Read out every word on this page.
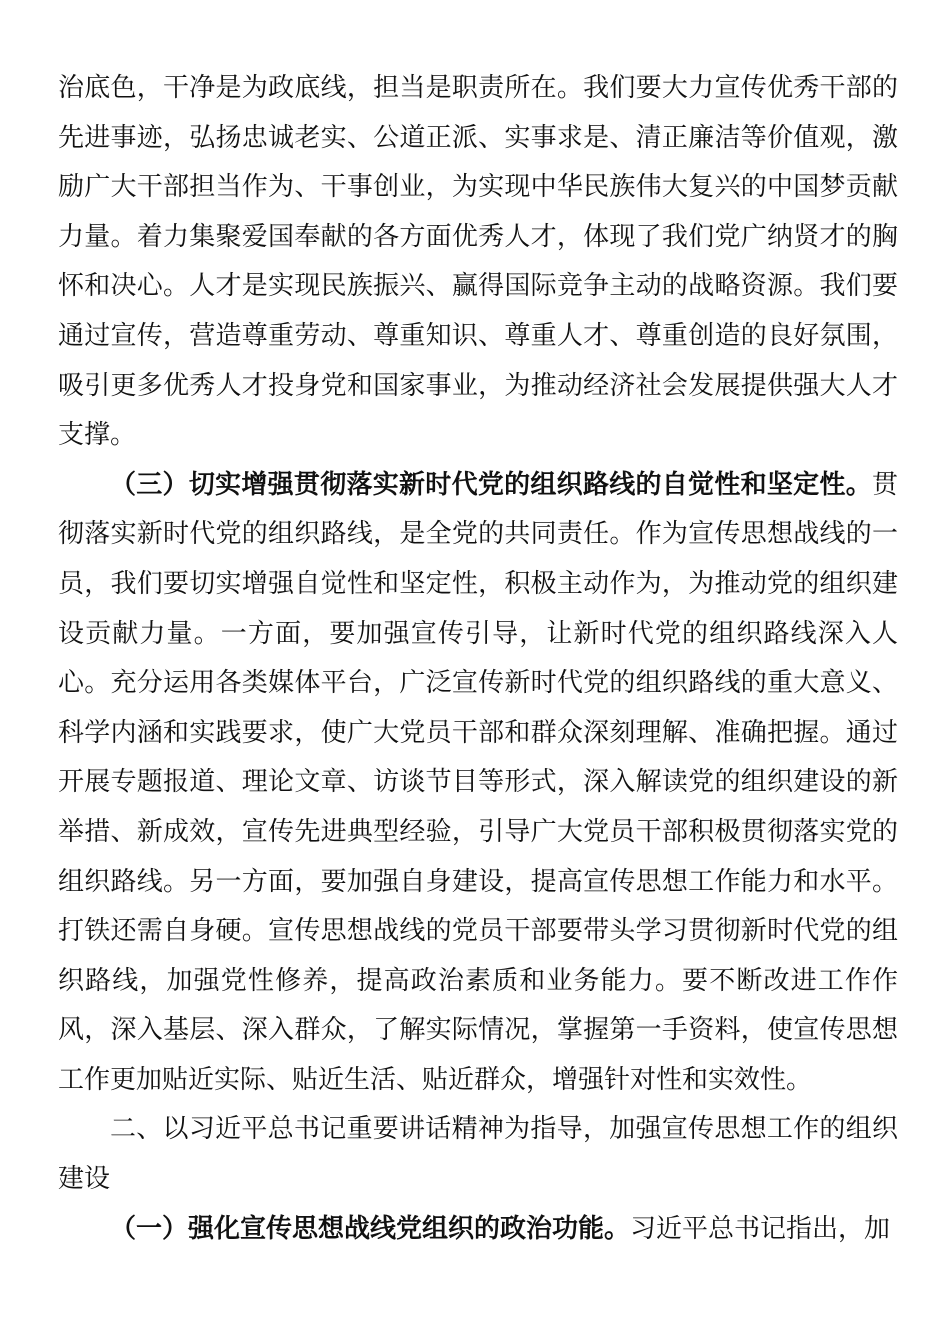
治底色，干净是为政底线，担当是职责所在。我们要大力宣传优秀干部的先进事迹，弘扬忠诚老实、公道正派、实事求是、清正廉洁等价值观，激励广大干部担当作为、干事创业，为实现中华民族伟大复兴的中国梦贡献力量。着力集聚爱国奉献的各方面优秀人才，体现了我们党广纳贤才的胸怀和决心。人才是实现民族振兴、赢得国际竞争主动的战略资源。我们要通过宣传，营造尊重劳动、尊重知识、尊重人才、尊重创造的良好氛围，吸引更多优秀人才投身党和国家事业，为推动经济社会发展提供强大人才支撑。

（三）切实增强贯彻落实新时代党的组织路线的自觉性和坚定性。贯彻落实新时代党的组织路线，是全党的共同责任。作为宣传思想战线的一员，我们要切实增强自觉性和坚定性，积极主动作为，为推动党的组织建设贡献力量。一方面，要加强宣传引导，让新时代党的组织路线深入人心。充分运用各类媒体平台，广泛宣传新时代党的组织路线的重大意义、科学内涵和实践要求，使广大党员干部和群众深刻理解、准确把握。通过开展专题报道、理论文章、访谈节目等形式，深入解读党的组织建设的新举措、新成效，宣传先进典型经验，引导广大党员干部积极贯彻落实党的组织路线。另一方面，要加强自身建设，提高宣传思想工作能力和水平。打铁还需自身硬。宣传思想战线的党员干部要带头学习贯彻新时代党的组织路线，加强党性修养，提高政治素质和业务能力。要不断改进工作作风，深入基层、深入群众，了解实际情况，掌握第一手资料，使宣传思想工作更加贴近实际、贴近生活、贴近群众，增强针对性和实效性。

二、以习近平总书记重要讲话精神为指导，加强宣传思想工作的组织建设

（一）强化宣传思想战线党组织的政治功能。习近平总书记指出，加
